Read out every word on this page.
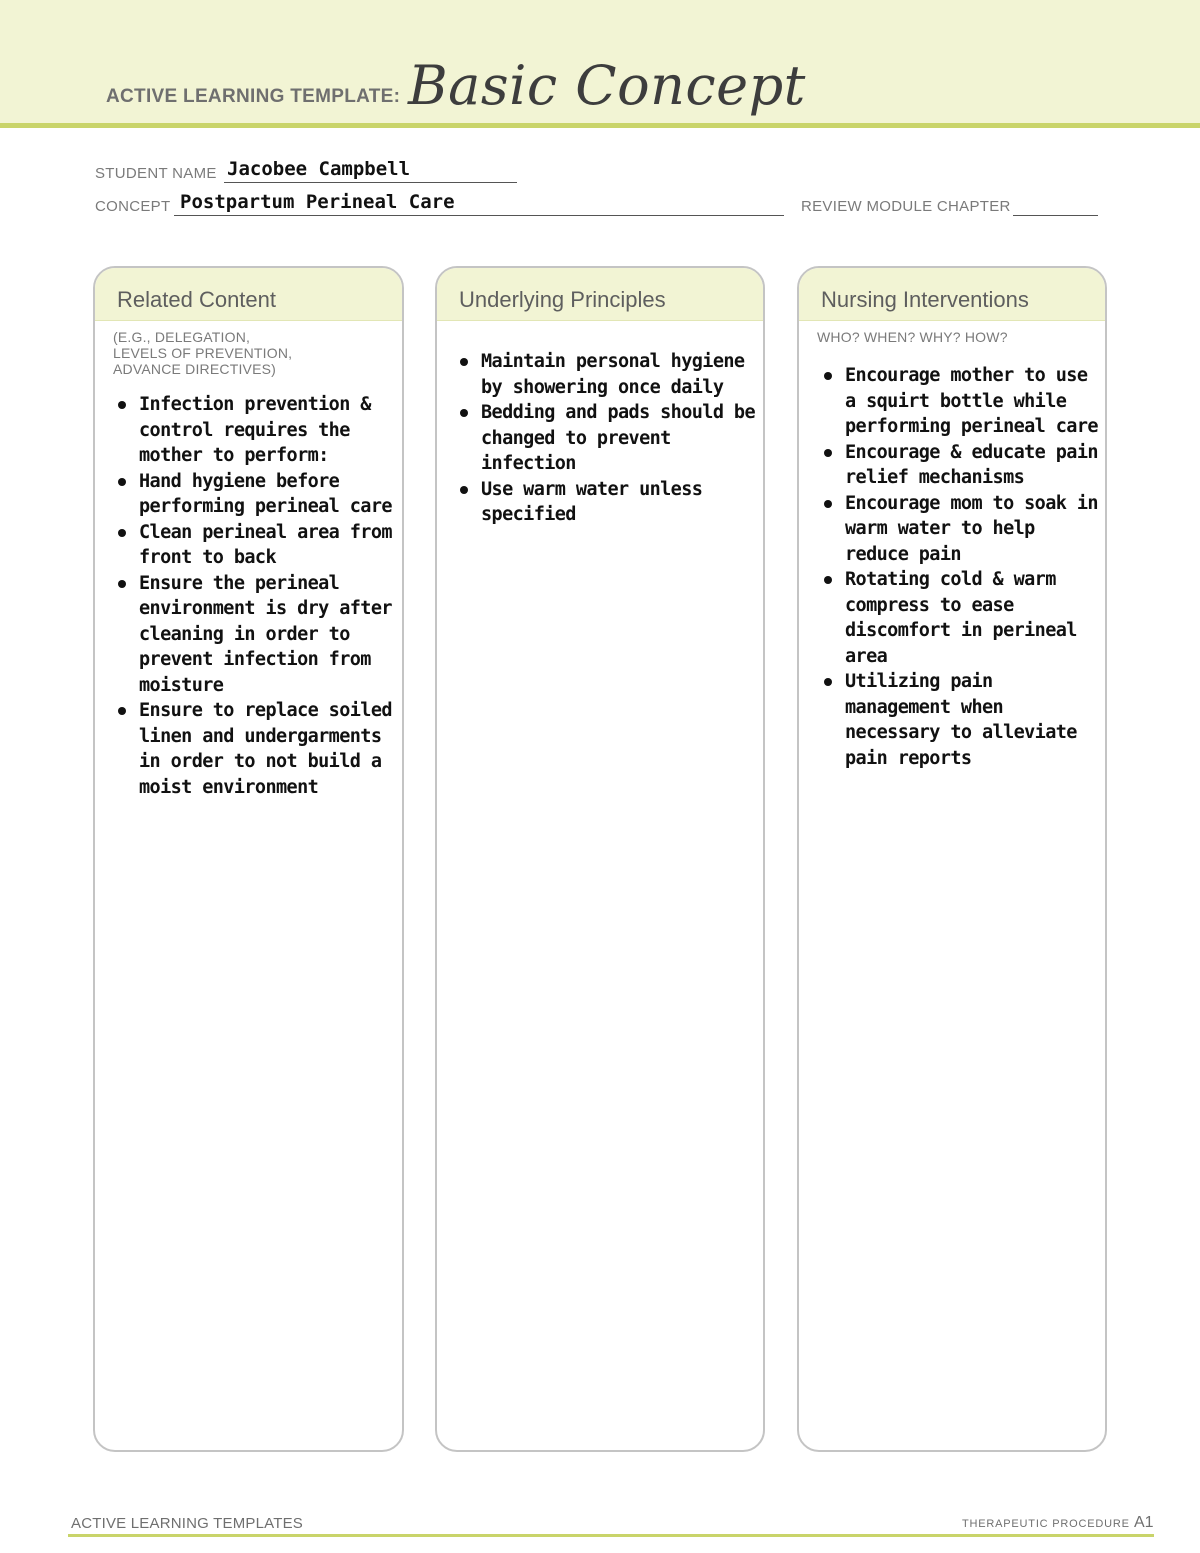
ACTIVE LEARNING TEMPLATE: Basic Concept
STUDENT NAME Jacobee Campbell
CONCEPT Postpartum Perineal Care	REVIEW MODULE CHAPTER
Related Content
(E.G., DELEGATION,
LEVELS OF PREVENTION,
ADVANCE DIRECTIVES)
Infection prevention & control requires the mother to perform:
Hand hygiene before performing perineal care
Clean perineal area from front to back
Ensure the perineal environment is dry after cleaning in order to prevent infection from moisture
Ensure to replace soiled linen and undergarments in order to not build a moist environment
Underlying Principles
Maintain personal hygiene by showering once daily
Bedding and pads should be changed to prevent infection
Use warm water unless specified
Nursing Interventions
WHO? WHEN? WHY? HOW?
Encourage mother to use a squirt bottle while performing perineal care
Encourage & educate pain relief mechanisms
Encourage mom to soak in warm water to help reduce pain
Rotating cold & warm compress to ease discomfort in perineal area
Utilizing pain management when necessary to alleviate pain reports
ACTIVE LEARNING TEMPLATES	THERAPEUTIC PROCEDURE A1
